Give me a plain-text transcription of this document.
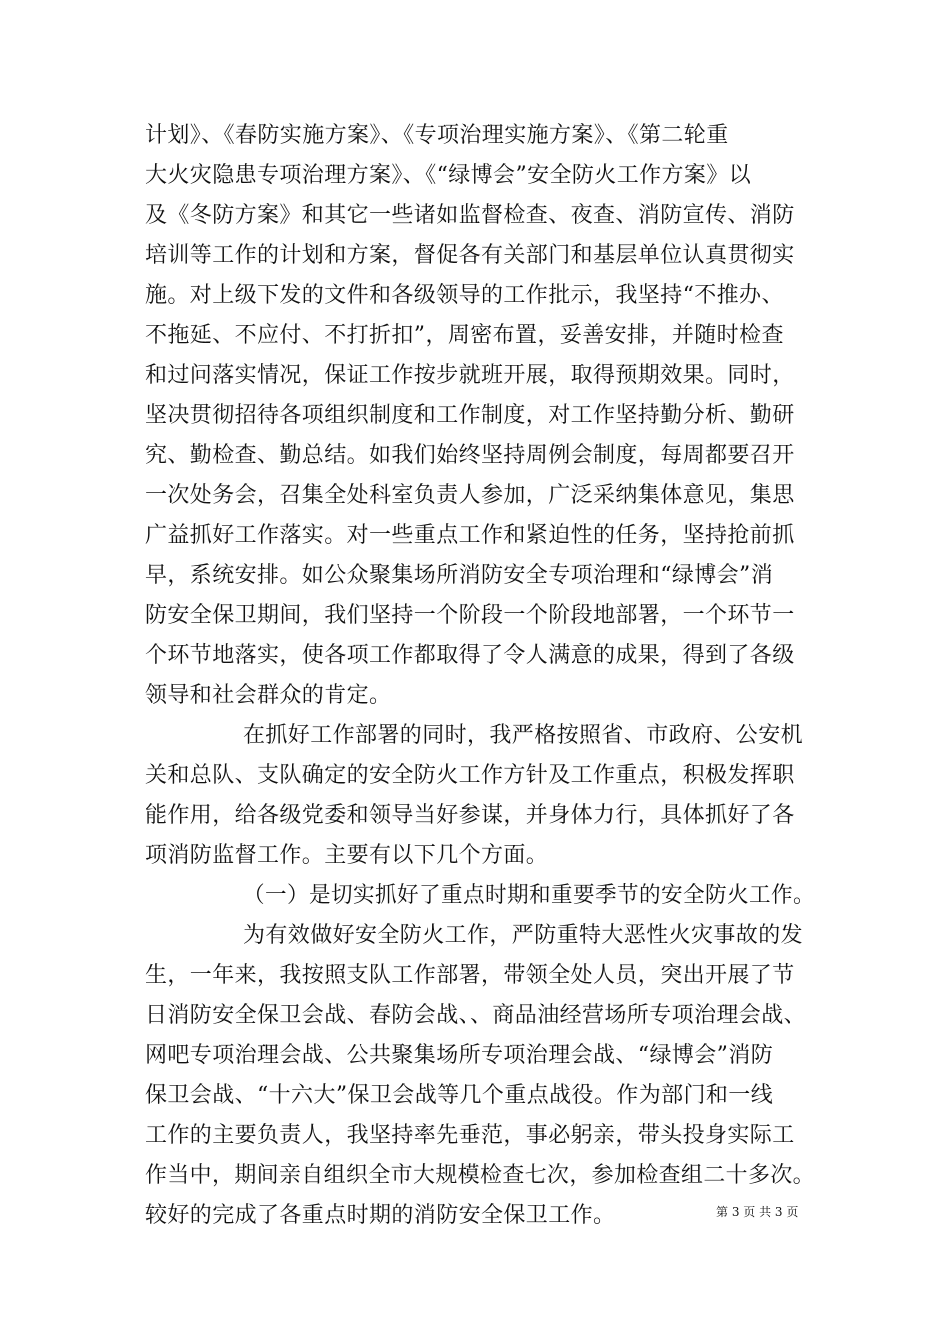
计划》、《春防实施方案》、《专项治理实施方案》、《第二轮重
大火灾隐患专项治理方案》、《“绿博会”安全防火工作方案》以
及《冬防方案》和其它一些诸如监督检查、夜查、消防宣传、消防
培训等工作的计划和方案，督促各有关部门和基层单位认真贯彻实
施。对上级下发的文件和各级领导的工作批示，我坚持“不推办、
不拖延、不应付、不打折扣”，周密布置，妥善安排，并随时检查
和过问落实情况，保证工作按步就班开展，取得预期效果。同时，
坚决贯彻招待各项组织制度和工作制度，对工作坚持勤分析、勤研
究、勤检查、勤总结。如我们始终坚持周例会制度，每周都要召开
一次处务会，召集全处科室负责人参加，广泛采纳集体意见，集思
广益抓好工作落实。对一些重点工作和紧迫性的任务，坚持抢前抓
早，系统安排。如公众聚集场所消防安全专项治理和“绿博会”消
防安全保卫期间，我们坚持一个阶段一个阶段地部署，一个环节一
个环节地落实，使各项工作都取得了令人满意的成果，得到了各级
领导和社会群众的肯定。
在抓好工作部署的同时，我严格按照省、市政府、公安机
关和总队、支队确定的安全防火工作方针及工作重点，积极发挥职
能作用，给各级党委和领导当好参谋，并身体力行，具体抓好了各
项消防监督工作。主要有以下几个方面。
（一）是切实抓好了重点时期和重要季节的安全防火工作。
为有效做好安全防火工作，严防重特大恶性火灾事故的发
生，一年来，我按照支队工作部署，带领全处人员，突出开展了节
日消防安全保卫会战、春防会战、、商品油经营场所专项治理会战、
网吧专项治理会战、公共聚集场所专项治理会战、“绿博会”消防
保卫会战、“十六大”保卫会战等几个重点战役。作为部门和一线
工作的主要负责人，我坚持率先垂范，事必躬亲，带头投身实际工
作当中，期间亲自组织全市大规模检查七次，参加检查组二十多次。
较好的完成了各重点时期的消防安全保卫工作。	第 3 页 共 3 页
